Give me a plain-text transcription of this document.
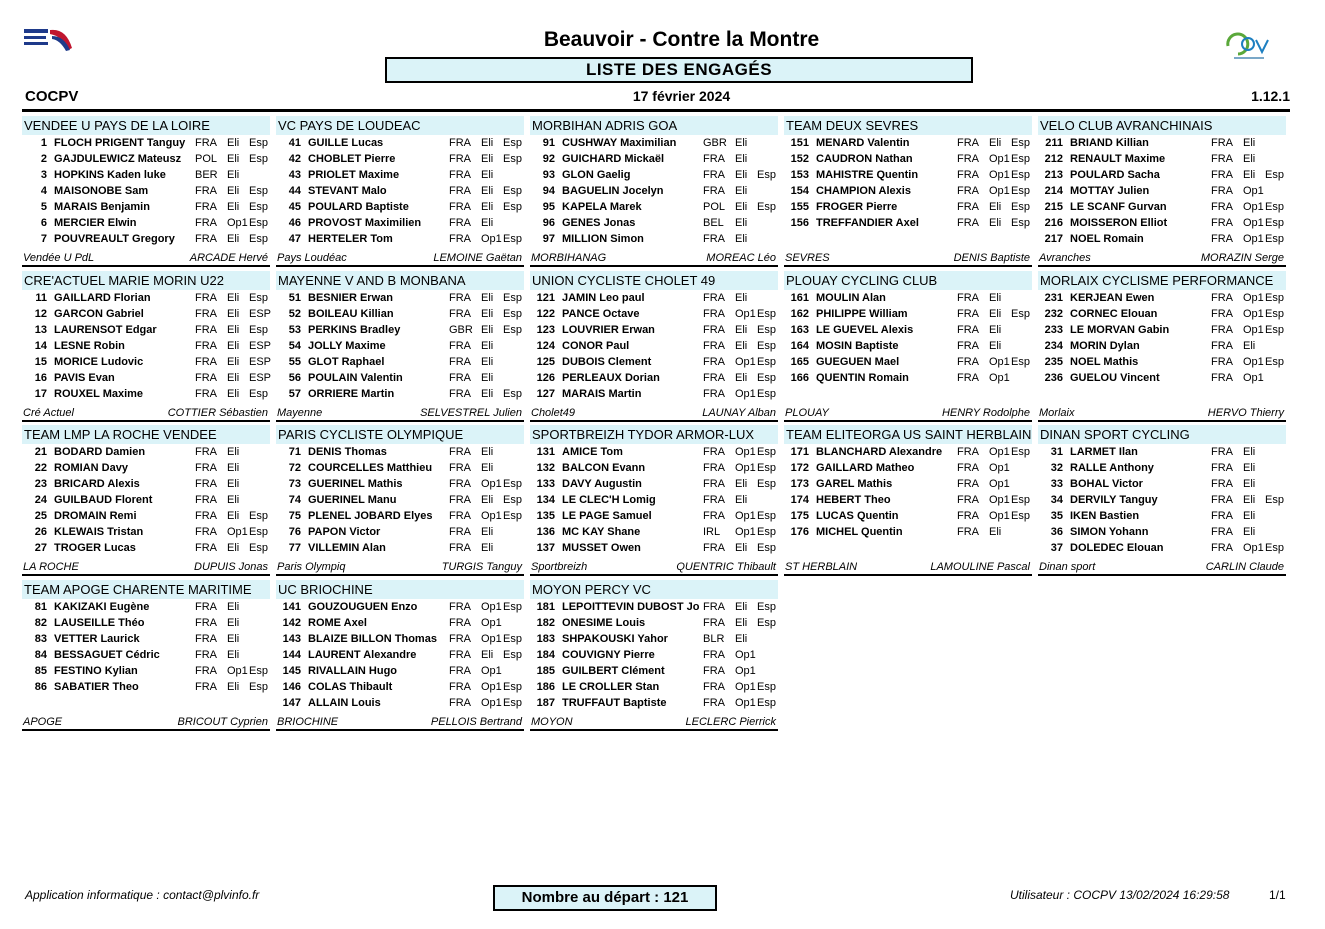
Beauvoir - Contre la Montre
LISTE DES ENGAGÉS
COCPV	17 février 2024	1.12.1
VENDEE U PAYS DE LA LOIRE
1 FLOCH PRIGENT Tanguy FRA Eli Esp
2 GAJDULEWICZ Mateusz	POL Eli Esp
3 HOPKINS Kaden luke	BER Eli
4 MAISONOBE Sam	FRA Eli Esp
5 MARAIS Benjamin	FRA Eli Esp
6 MERCIER Elwin	FRA Op1 Esp
7 POUVREAULT Gregory	FRA Eli Esp
Vendée U PdL	ARCADE Hervé
VC PAYS DE LOUDEAC
41 GUILLE Lucas	FRA Eli Esp
42 CHOBLET Pierre	FRA Eli Esp
43 PRIOLET Maxime	FRA Eli
44 STEVANT Malo	FRA Eli Esp
45 POULARD Baptiste	FRA Eli Esp
46 PROVOST Maximilien	FRA Eli
47 HERTELER Tom	FRA Op1 Esp
Pays Loudéac	LEMOINE Gaëtan
MORBIHAN ADRIS GOA
91 CUSHWAY Maximilian	GBR Eli
92 GUICHARD Mickaël	FRA Eli
93 GLON Gaelig	FRA Eli Esp
94 BAGUELIN Jocelyn	FRA Eli
95 KAPELA Marek	POL Eli Esp
96 GENES Jonas	BEL Eli
97 MILLION Simon	FRA Eli
MORBIHANAG	MOREAC Léo
TEAM DEUX SEVRES
151 MENARD Valentin	FRA Eli Esp
152 CAUDRON Nathan	FRA Op1 Esp
153 MAHISTRE Quentin	FRA Op1 Esp
154 CHAMPION Alexis	FRA Op1 Esp
155 FROGER Pierre	FRA Eli Esp
156 TREFFANDIER Axel	FRA Eli Esp
SEVRES	DENIS Baptiste
VELO CLUB AVRANCHINAIS
211 BRIAND Killian	FRA Eli
212 RENAULT Maxime	FRA Eli
213 POULARD Sacha	FRA Eli Esp
214 MOTTAY Julien	FRA Op1
215 LE SCANF Gurvan	FRA Op1 Esp
216 MOISSERON Elliot	FRA Op1 Esp
217 NOEL Romain	FRA Op1 Esp
Avranches	MORAZIN Serge
CRE'ACTUEL MARIE MORIN U22
11 GAILLARD Florian	FRA Eli Esp
12 GARCON Gabriel	FRA Eli ESP
13 LAURENSOT Edgar	FRA Eli Esp
14 LESNE Robin	FRA Eli ESP
15 MORICE Ludovic	FRA Eli ESP
16 PAVIS Evan	FRA Eli ESP
17 ROUXEL Maxime	FRA Eli Esp
Cré Actuel	COTTIER Sébastien
MAYENNE V AND B MONBANA
51 BESNIER Erwan	FRA Eli Esp
52 BOILEAU Killian	FRA Eli Esp
53 PERKINS Bradley	GBR Eli Esp
54 JOLLY Maxime	FRA Eli
55 GLOT Raphael	FRA Eli
56 POULAIN Valentin	FRA Eli
57 ORRIERE Martin	FRA Eli Esp
Mayenne	SELVESTREL Julien
UNION CYCLISTE CHOLET 49
121 JAMIN Leo paul	FRA Eli
122 PANCE Octave	FRA Op1 Esp
123 LOUVRIER Erwan	FRA Eli Esp
124 CONOR Paul	FRA Eli Esp
125 DUBOIS Clement	FRA Op1 Esp
126 PERLEAUX Dorian	FRA Eli Esp
127 MARAIS Martin	FRA Op1 Esp
Cholet49	LAUNAY Alban
PLOUAY CYCLING CLUB
161 MOULIN Alan	FRA Eli
162 PHILIPPE William	FRA Eli Esp
163 LE GUEVEL Alexis	FRA Eli
164 MOSIN Baptiste	FRA Eli
165 GUEGUEN Mael	FRA Op1 Esp
166 QUENTIN Romain	FRA Op1
PLOUAY	HENRY Rodolphe
MORLAIX CYCLISME PERFORMANCE
231 KERJEAN Ewen	FRA Op1 Esp
232 CORNEC Elouan	FRA Op1 Esp
233 LE MORVAN Gabin	FRA Op1 Esp
234 MORIN Dylan	FRA Eli
235 NOEL Mathis	FRA Op1 Esp
236 GUELOU Vincent	FRA Op1
Morlaix	HERVO Thierry
TEAM LMP LA ROCHE VENDEE
21 BODARD Damien	FRA Eli
22 ROMIAN Davy	FRA Eli
23 BRICARD Alexis	FRA Eli
24 GUILBAUD Florent	FRA Eli
25 DROMAIN Remi	FRA Eli Esp
26 KLEWAIS Tristan	FRA Op1 Esp
27 TROGER Lucas	FRA Eli Esp
LA ROCHE	DUPUIS Jonas
PARIS CYCLISTE OLYMPIQUE
71 DENIS Thomas	FRA Eli
72 COURCELLES Matthieu	FRA Eli
73 GUERINEL Mathis	FRA Op1 Esp
74 GUERINEL Manu	FRA Eli Esp
75 PLENEL JOBARD Elyes	FRA Op1 Esp
76 PAPON Victor	FRA Eli
77 VILLEMIN Alan	FRA Eli
Paris Olympiq	TURGIS Tanguy
SPORTBREIZH TYDOR ARMOR-LUX
131 AMICE Tom	FRA Op1 Esp
132 BALCON Evann	FRA Op1 Esp
133 DAVY Augustin	FRA Eli Esp
134 LE CLEC'H Lomig	FRA Eli
135 LE PAGE Samuel	FRA Op1 Esp
136 MC KAY Shane	IRL Op1 Esp
137 MUSSET Owen	FRA Eli Esp
Sportbreizh	QUENTRIC Thibault
TEAM ELITEORGA US SAINT HERBLAIN
171 BLANCHARD Alexandre	FRA Op1 Esp
172 GAILLARD Matheo	FRA Op1
173 GAREL Mathis	FRA Op1
174 HEBERT Theo	FRA Op1 Esp
175 LUCAS Quentin	FRA Op1 Esp
176 MICHEL Quentin	FRA Eli
ST HERBLAIN	LAMOULINE Pascal
DINAN SPORT CYCLING
31 LARMET Ilan	FRA Eli
32 RALLE Anthony	FRA Eli
33 BOHAL Victor	FRA Eli
34 DERVILY Tanguy	FRA Eli Esp
35 IKEN Bastien	FRA Eli
36 SIMON Yohann	FRA Eli
37 DOLEDEC Elouan	FRA Op1 Esp
Dinan sport	CARLIN Claude
TEAM APOGE CHARENTE MARITIME
81 KAKIZAKI Eugène	FRA Eli
82 LAUSEILLE Théo	FRA Eli
83 VETTER Laurick	FRA Eli
84 BESSAGUET Cédric	FRA Eli
85 FESTINO Kylian	FRA Op1 Esp
86 SABATIER Theo	FRA Eli Esp
APOGE	BRICOUT Cyprien
UC BRIOCHINE
141 GOUZOUGUEN Enzo	FRA Op1 Esp
142 ROME Axel	FRA Op1
143 BLAIZE BILLON Thomas	FRA Op1 Esp
144 LAURENT Alexandre	FRA Eli Esp
145 RIVALLAIN Hugo	FRA Op1
146 COLAS Thibault	FRA Op1 Esp
147 ALLAIN Louis	FRA Op1 Esp
BRIOCHINE	PELLOIS Bertrand
MOYON PERCY VC
181 LEPOITTEVIN DUBOST Jo FRA Eli Esp
182 ONESIME Louis	FRA Eli Esp
183 SHPAKOUSKI Yahor	BLR Eli
184 COUVIGNY Pierre	FRA Op1
185 GUILBERT Clément	FRA Op1
186 LE CROLLER Stan	FRA Op1 Esp
187 TRUFFAUT Baptiste	FRA Op1 Esp
MOYON	LECLERC Pierrick
Application informatique : contact@plvinfo.fr	Nombre au départ : 121	Utilisateur : COCPV 13/02/2024 16:29:58	1/1
